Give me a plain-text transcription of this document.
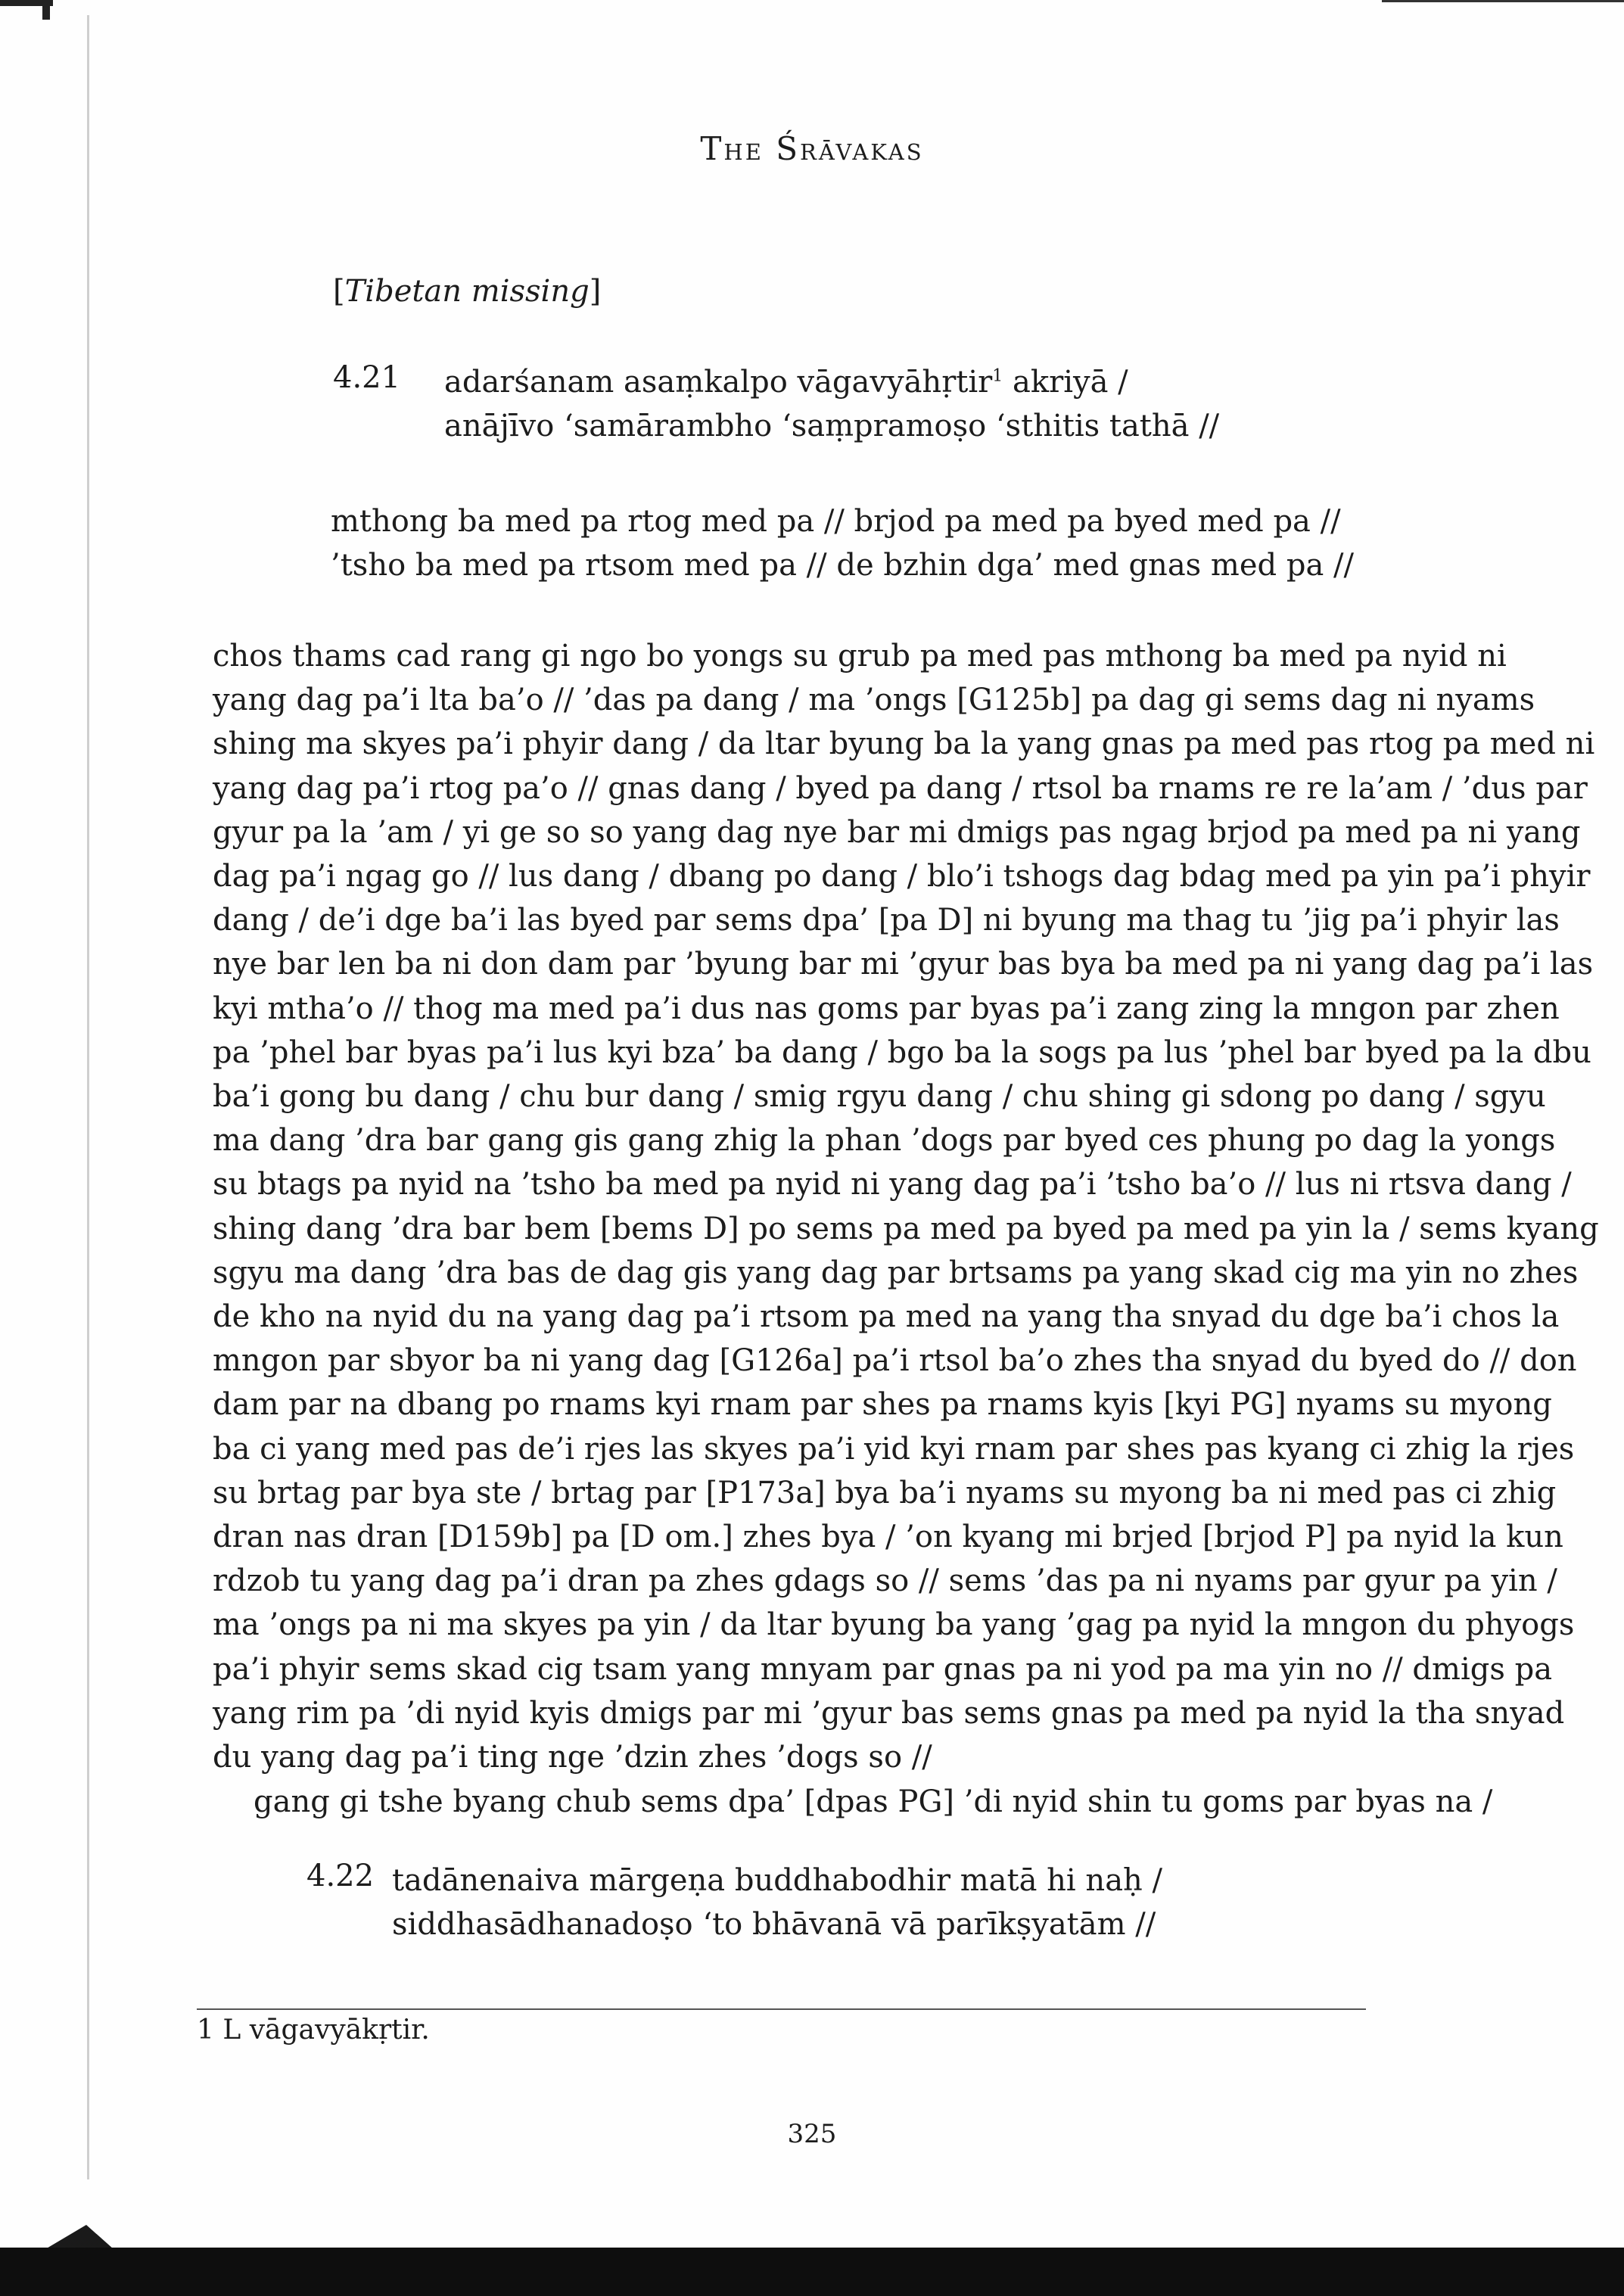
The Śrāvakas
[Tibetan missing]
4.21 adarśanam asaṃkalpo vāgavyāhṛtir$^1$ akriyā /
anājīvo ‘samārambho ‘saṃpramoṣo ‘sthitis tathā //
mthong ba med pa rtog med pa // brjod pa med pa byed med pa //
’tsho ba med pa rtsom med pa // de bzhin dga’ med gnas med pa //
chos thams cad rang gi ngo bo yongs su grub pa med pas mthong ba med pa nyid ni
yang dag pa’i lta ba’o // ’das pa dang / ma ’ongs [G125b] pa dag gi sems dag ni nyams
shing ma skyes pa’i phyir dang / da ltar byung ba la yang gnas pa med pas rtog pa med ni
yang dag pa’i rtog pa’o // gnas dang / byed pa dang / rtsol ba rnams re re la’am / ’dus par
gyur pa la ’am / yi ge so so yang dag nye bar mi dmigs pas ngag brjod pa med pa ni yang
dag pa’i ngag go // lus dang / dbang po dang / blo’i tshogs dag bdag med pa yin pa’i phyir
dang / de’i dge ba’i las byed par sems dpa’ [pa D] ni byung ma thag tu ’jig pa’i phyir las
nye bar len ba ni don dam par ’byung bar mi ’gyur bas bya ba med pa ni yang dag pa’i las
kyi mtha’o // thog ma med pa’i dus nas goms par byas pa’i zang zing la mngon par zhen
pa ’phel bar byas pa’i lus kyi bza’ ba dang / bgo ba la sogs pa lus ’phel bar byed pa la dbu
ba’i gong bu dang / chu bur dang / smig rgyu dang / chu shing gi sdong po dang / sgyu
ma dang ’dra bar gang gis gang zhig la phan ’dogs par byed ces phung po dag la yongs
su btags pa nyid na ’tsho ba med pa nyid ni yang dag pa’i ’tsho ba’o // lus ni rtsva dang /
shing dang ’dra bar bem [bems D] po sems pa med pa byed pa med pa yin la / sems kyang
sgyu ma dang ’dra bas de dag gis yang dag par brtsams pa yang skad cig ma yin no zhes
de kho na nyid du na yang dag pa’i rtsom pa med na yang tha snyad du dge ba’i chos la
mngon par sbyor ba ni yang dag [G126a] pa’i rtsol ba’o zhes tha snyad du byed do // don
dam par na dbang po rnams kyi rnam par shes pa rnams kyis [kyi PG] nyams su myong
ba ci yang med pas de’i rjes las skyes pa’i yid kyi rnam par shes pas kyang ci zhig la rjes
su brtag par bya ste / brtag par [P173a] bya ba’i nyams su myong ba ni med pas ci zhig
dran nas dran [D159b] pa [D om.] zhes bya / ’on kyang mi brjed [brjod P] pa nyid la kun
rdzob tu yang dag pa’i dran pa zhes gdags so // sems ’das pa ni nyams par gyur pa yin /
ma ’ongs pa ni ma skyes pa yin / da ltar byung ba yang ’gag pa nyid la mngon du phyogs
pa’i phyir sems skad cig tsam yang mnyam par gnas pa ni yod pa ma yin no // dmigs pa
yang rim pa ’di nyid kyis dmigs par mi ’gyur bas sems gnas pa med pa nyid la tha snyad
du yang dag pa’i ting nge ’dzin zhes ’dogs so //
gang gi tshe byang chub sems dpa’ [dpas PG] ’di nyid shin tu goms par byas na /
4.22 tadānenaiva mārgeṇa buddhabodhir matā hi naḥ /
siddhasādhanadoṣo ‘to bhāvanā vā parīkṣyatām //
1 L vāgavyākṛtir.
325
